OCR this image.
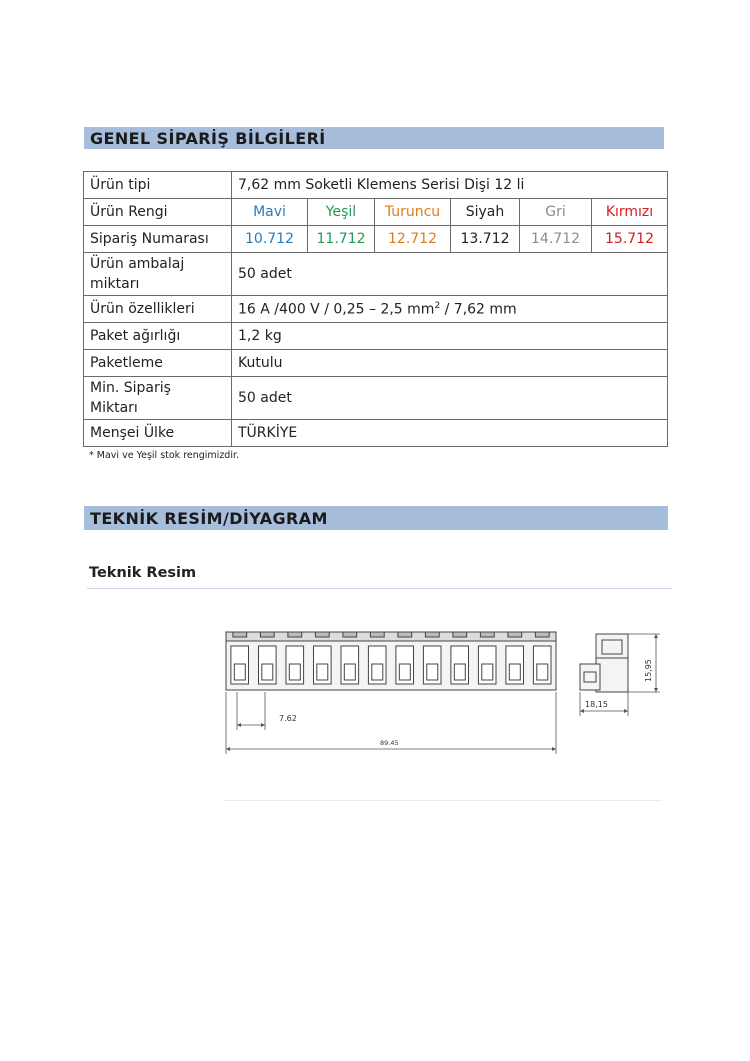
GENEL SİPARİŞ BİLGİLERİ
Ürün tipi	7,62 mm Soketli Klemens Serisi Dişi 12 li					
Ürün Rengi	Mavi	Yeşil	Turuncu	Siyah	Gri	Kırmızı
Sipariş Numarası	10.712	11.712	12.712	13.712	14.712	15.712

Ürün ambalaj
miktarı	50 adet					
Ürün özellikleri	16 A /400 V / 0,25 – 2,5 $mm^2 / 7,62$ mm					
Paket ağırlığı	1,2 kg					
Paketleme	Kutulu					

Min. Sipariş
Miktarı	50 adet					
Menşei Ülke	TÜRKİYE					
* Mavi ve Yeşil stok rengimizdir.
TEKNİK RESİM/DİYAGRAM
Teknik Resim
7.62
89.45
18,15
15,95
